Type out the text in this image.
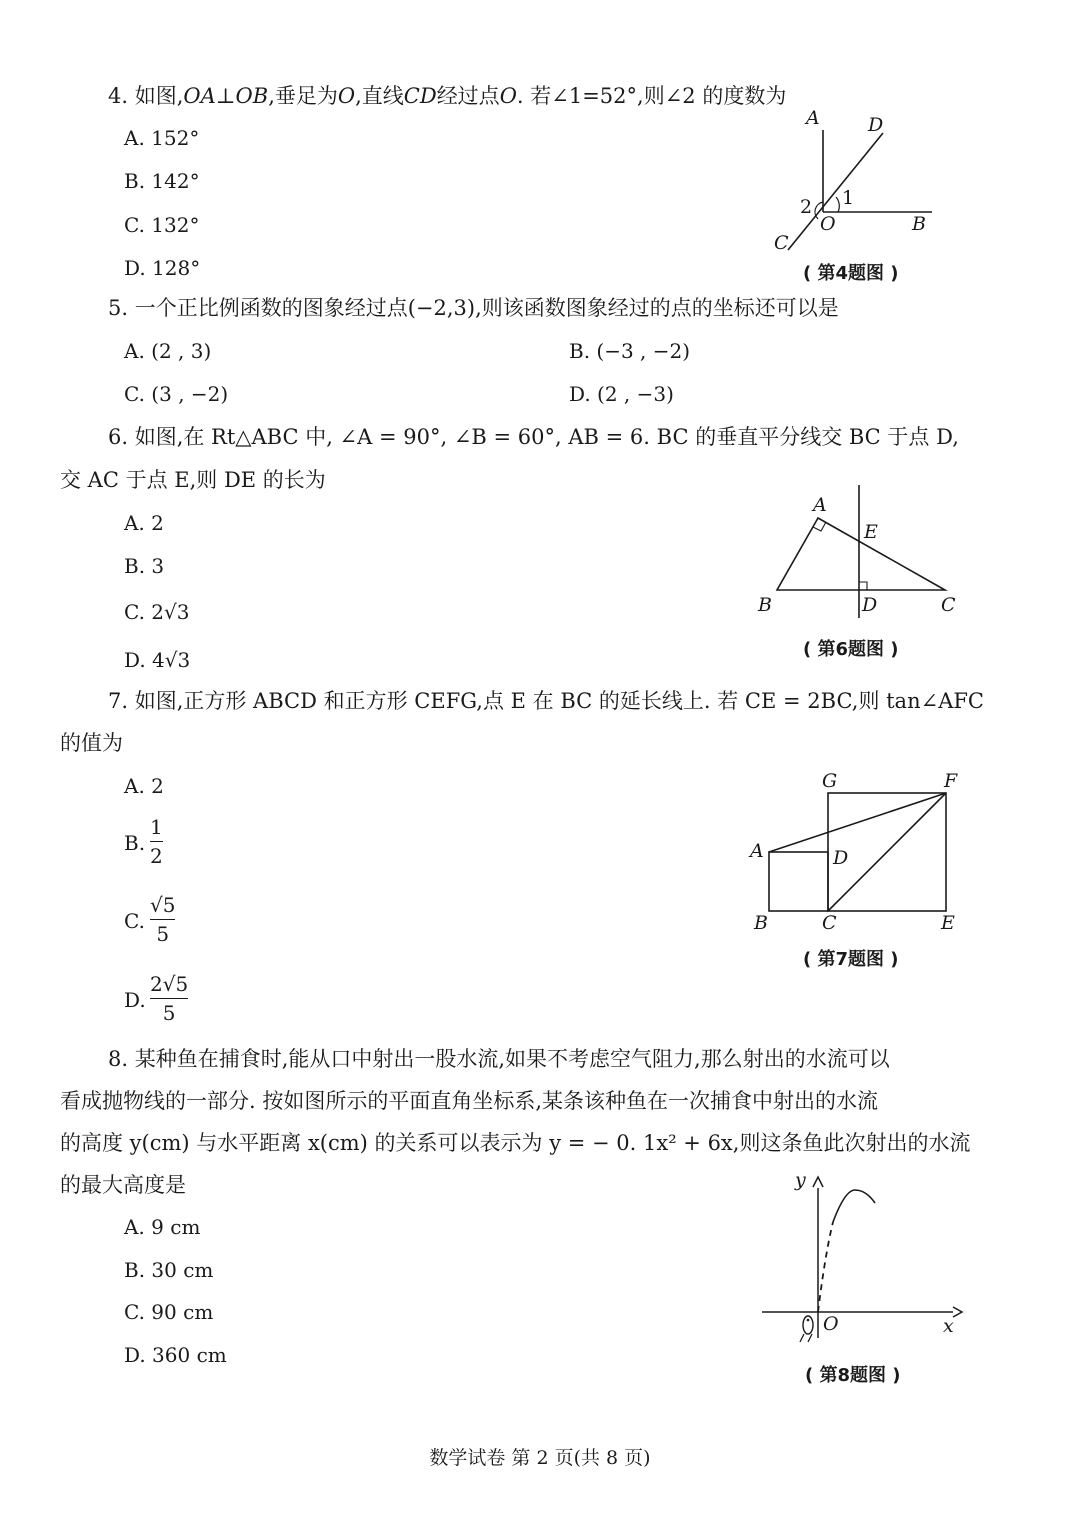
4. 如图,OA⊥OB,垂足为O,直线CD经过点O. 若∠1=52°,则∠2 的度数为
A. 152°
B. 142°
C. 132°
D. 128°
A	D
2 1
O	B
C
( 第4题图 )
5. 一个正比例函数的图象经过点(−2,3),则该函数图象经过的点的坐标还可以是
A. (2 , 3)	B. (−3 , −2)
C. (3 , −2)	D. (2 , −3)
6. 如图,在 Rt△ABC 中, ∠A = 90°, ∠B = 60°, AB = 6. BC 的垂直平分线交 BC 于点 D,
交 AC 于点 E,则 DE 的长为
A. 2
B. 3
C. 2√3
D. 4√3
A
E
B	D	C
( 第6题图 )
7. 如图,正方形 ABCD 和正方形 CEFG,点 E 在 BC 的延长线上. 若 CE = 2BC,则 tan∠AFC
的值为
A. 2
B.
1
2
C.
√5
5
D.
2√5
5
G	F
A	D
B	C	E
( 第7题图 )
8. 某种鱼在捕食时,能从口中射出一股水流,如果不考虑空气阻力,那么射出的水流可以
看成抛物线的一部分. 按如图所示的平面直角坐标系,某条该种鱼在一次捕食中射出的水流
的高度 y(cm) 与水平距离 x(cm) 的关系可以表示为 y = − 0. 1x² + 6x,则这条鱼此次射出的水流
的最大高度是
A. 9 cm
B. 30 cm
C. 90 cm
D. 360 cm
y
O	x
( 第8题图 )
数学试卷 第 2 页(共 8 页)
